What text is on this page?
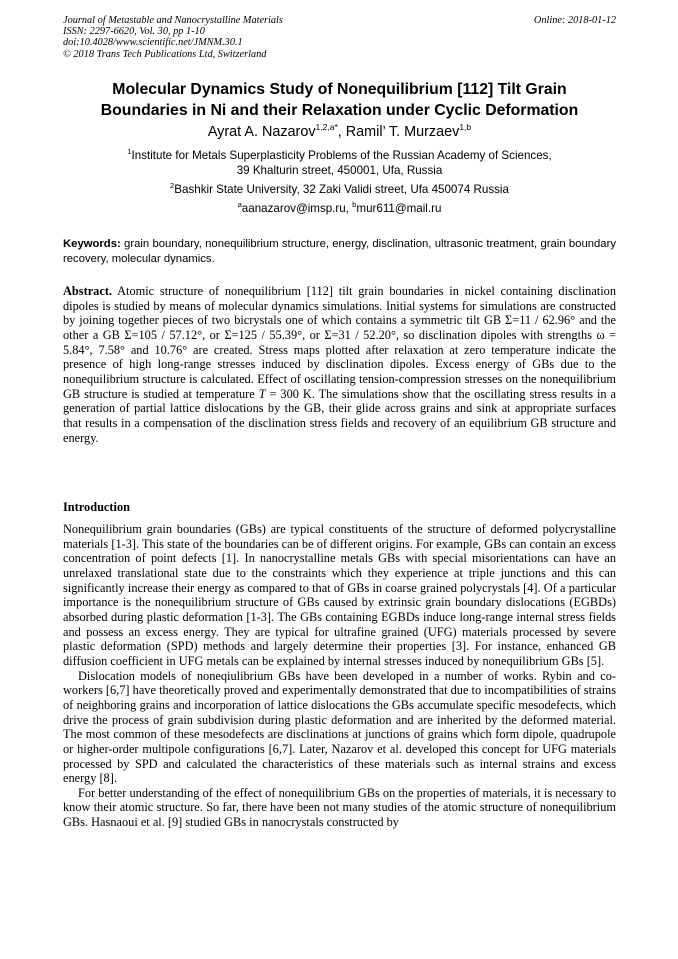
Journal of Metastable and Nanocrystalline Materials
ISSN: 2297-6620, Vol. 30, pp 1-10
doi:10.4028/www.scientific.net/JMNM.30.1
© 2018 Trans Tech Publications Ltd, Switzerland
Online: 2018-01-12
Molecular Dynamics Study of Nonequilibrium [112] Tilt Grain
Boundaries in Ni and their Relaxation under Cyclic Deformation
Ayrat A. Nazarov$^{1,2,a*}$, Ramil’ T. Murzaev$^{1,b}$
$^1$Institute for Metals Superplasticity Problems of the Russian Academy of Sciences,
39 Khalturin street, 450001, Ufa, Russia
$^2$Bashkir State University, 32 Zaki Validi street, Ufa 450074 Russia
$^a$aanazarov@imsp.ru, $^b$mur611@mail.ru
Keywords: grain boundary, nonequilibrium structure, energy, disclination, ultrasonic treatment, grain boundary recovery, molecular dynamics.
Abstract. Atomic structure of nonequilibrium [112] tilt grain boundaries in nickel containing disclination dipoles is studied by means of molecular dynamics simulations. Initial systems for simulations are constructed by joining together pieces of two bicrystals one of which contains a symmetric tilt GB Σ=11 / 62.96° and the other a GB Σ=105 / 57.12°, or Σ=125 / 55.39°, or Σ=31 / 52.20°, so disclination dipoles with strengths ω = 5.84°, 7.58° and 10.76° are created. Stress maps plotted after relaxation at zero temperature indicate the presence of high long-range stresses induced by disclination dipoles. Excess energy of GBs due to the nonequilibrium structure is calculated. Effect of oscillating tension-compression stresses on the nonequilibrium GB structure is studied at temperature T = 300 K. The simulations show that the oscillating stress results in a generation of partial lattice dislocations by the GB, their glide across grains and sink at appropriate surfaces that results in a compensation of the disclination stress fields and recovery of an equilibrium GB structure and energy.
Introduction

Nonequilibrium grain boundaries (GBs) are typical constituents of the structure of deformed polycrystalline materials [1-3]. This state of the boundaries can be of different origins. For example, GBs can contain an excess concentration of point defects [1]. In nanocrystalline metals GBs with special misorientations can have an unrelaxed translational state due to the constraints which they experience at triple junctions and this can significantly increase their energy as compared to that of GBs in coarse grained polycrystals [4]. Of a particular importance is the nonequilibrium structure of GBs caused by extrinsic grain boundary dislocations (EGBDs) absorbed during plastic deformation [1-3]. The GBs containing EGBDs induce long-range internal stress fields and possess an excess energy. They are typical for ultrafine grained (UFG) materials processed by severe plastic deformation (SPD) methods and largely determine their properties [3]. For instance, enhanced GB diffusion coefficient in UFG metals can be explained by internal stresses induced by nonequilibrium GBs [5].

Dislocation models of noneqiulibrium GBs have been developed in a number of works. Rybin and co-workers [6,7] have theoretically proved and experimentally demonstrated that due to incompatibilities of strains of neighboring grains and incorporation of lattice dislocations the GBs accumulate specific mesodefects, which drive the process of grain subdivision during plastic deformation and are inherited by the deformed material. The most common of these mesodefects are disclinations at junctions of grains which form dipole, quadrupole or higher-order multipole configurations [6,7]. Later, Nazarov et al. developed this concept for UFG materials processed by SPD and calculated the characteristics of these materials such as internal strains and excess energy [8].

For better understanding of the effect of nonequilibrium GBs on the properties of materials, it is necessary to know their atomic structure. So far, there have been not many studies of the atomic structure of nonequilibrium GBs. Hasnaoui et al. [9] studied GBs in nanocrystals constructed by
